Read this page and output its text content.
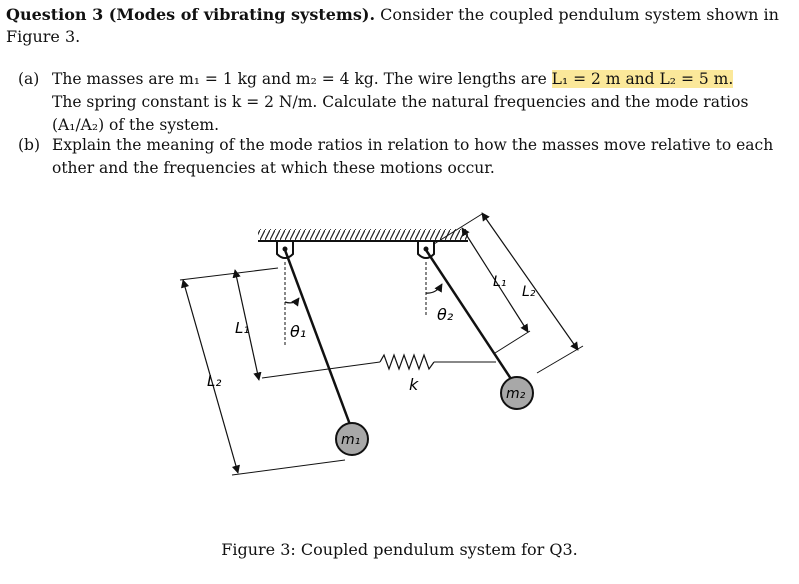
Question 3 (Modes of vibrating systems). Consider the coupled pendulum system shown in
Figure 3.
(a) The masses are m₁ = 1 kg and m₂ = 4 kg. The wire lengths are L₁ = 2 m and L₂ = 5 m.
The spring constant is k = 2 N/m. Calculate the natural frequencies and the mode ratios
(A₁/A₂) of the system.
(b) Explain the meaning of the mode ratios in relation to how the masses move relative to each
other and the frequencies at which these motions occur.
L₁
L₂
θ₁
θ₂
k
m₁
m₂
L₁
L₂
Figure 3: Coupled pendulum system for Q3.
